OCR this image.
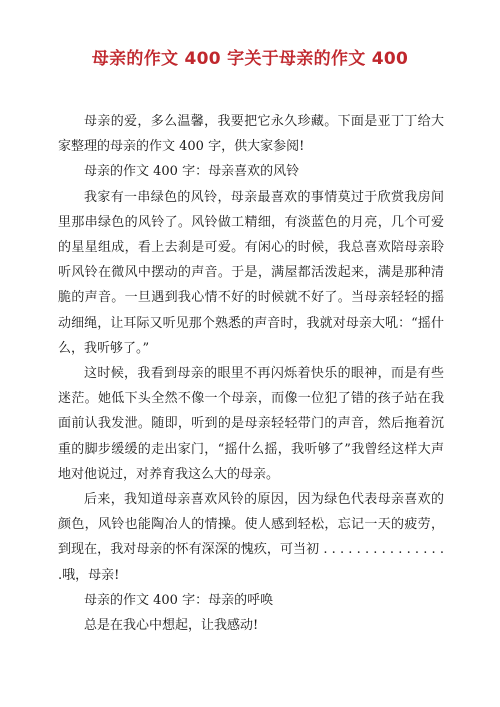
母亲的作文 400 字关于母亲的作文 400

母亲的爱，多么温馨，我要把它永久珍藏。下面是亚丁丁给大家整理的母亲的作文 400 字，供大家参阅!

母亲的作文 400 字：母亲喜欢的风铃

我家有一串绿色的风铃，母亲最喜欢的事情莫过于欣赏我房间里那串绿色的风铃了。风铃做工精细，有淡蓝色的月亮，几个可爱的星星组成，看上去刹是可爱。有闲心的时候，我总喜欢陪母亲聆听风铃在微风中摆动的声音。于是，满屋都活泼起来，满是那种清脆的声音。一旦遇到我心情不好的时候就不好了。当母亲轻轻的摇动细绳，让耳际又听见那个熟悉的声音时，我就对母亲大吼：“摇什么，我听够了。”

这时候，我看到母亲的眼里不再闪烁着快乐的眼神，而是有些迷茫。她低下头全然不像一个母亲，而像一位犯了错的孩子站在我面前认我发泄。随即，听到的是母亲轻轻带门的声音，然后拖着沉重的脚步缓缓的走出家门，“摇什么摇，我听够了”我曾经这样大声地对他说过，对养育我这么大的母亲。

后来，我知道母亲喜欢风铃的原因，因为绿色代表母亲喜欢的颜色，风铃也能陶冶人的情操。使人感到轻松，忘记一天的疲劳，到现在，我对母亲的怀有深深的愧疚，可当初 . . . . . . . . . . . . . . . .哦，母亲!

母亲的作文 400 字：母亲的呼唤

总是在我心中想起，让我感动!
